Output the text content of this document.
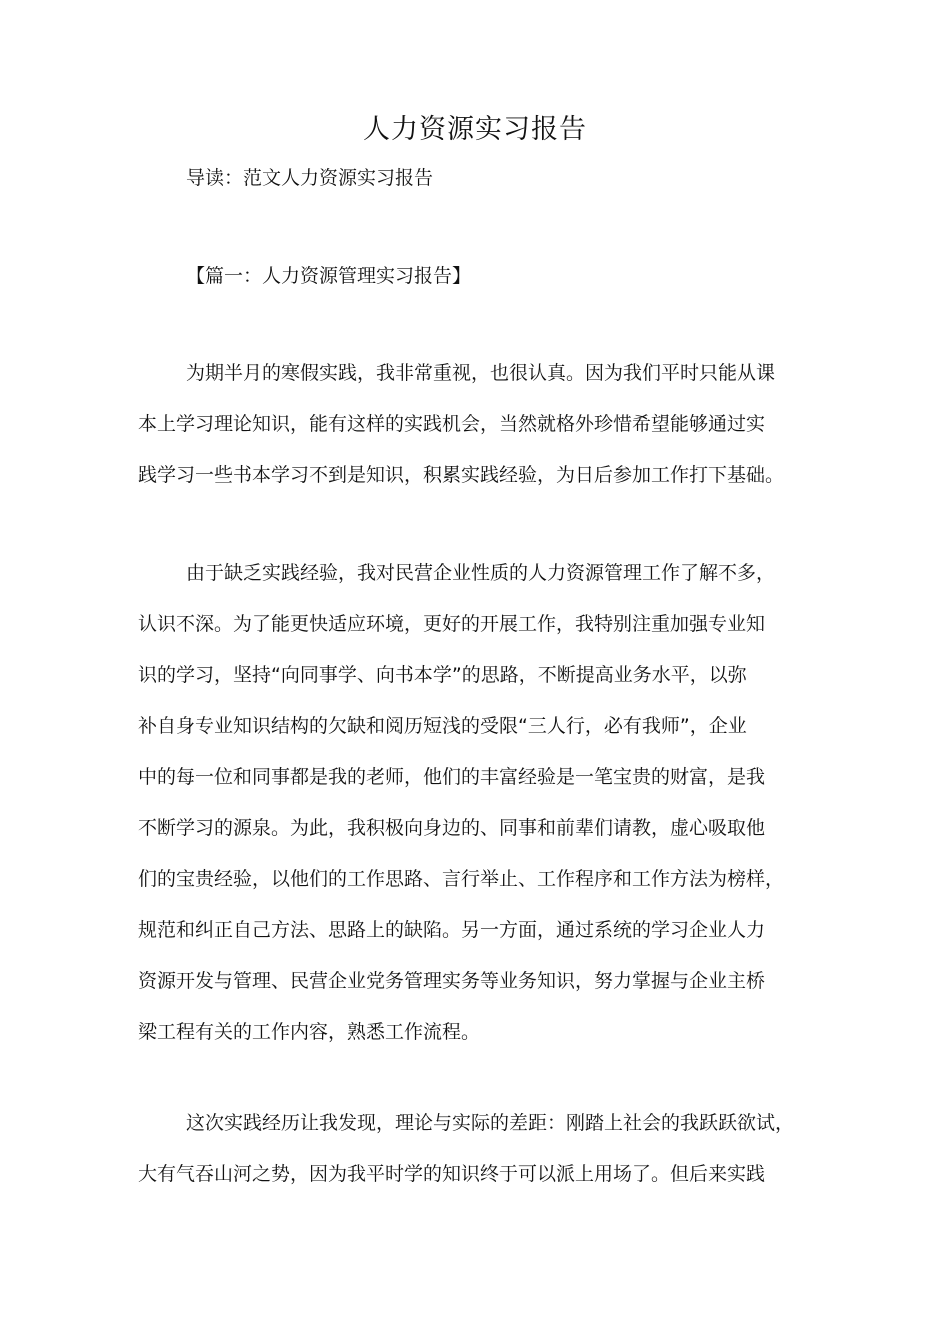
人力资源实习报告
导读：范文人力资源实习报告
【篇一：人力资源管理实习报告】
为期半月的寒假实践，我非常重视，也很认真。因为我们平时只能从课
本上学习理论知识，能有这样的实践机会，当然就格外珍惜希望能够通过实
践学习一些书本学习不到是知识，积累实践经验，为日后参加工作打下基础。
由于缺乏实践经验，我对民营企业性质的人力资源管理工作了解不多，
认识不深。为了能更快适应环境，更好的开展工作，我特别注重加强专业知
识的学习，坚持“向同事学、向书本学”的思路，不断提高业务水平，以弥
补自身专业知识结构的欠缺和阅历短浅的受限“三人行，必有我师”，企业
中的每一位和同事都是我的老师，他们的丰富经验是一笔宝贵的财富，是我
不断学习的源泉。为此，我积极向身边的、同事和前辈们请教，虚心吸取他
们的宝贵经验，以他们的工作思路、言行举止、工作程序和工作方法为榜样，
规范和纠正自己方法、思路上的缺陷。另一方面，通过系统的学习企业人力
资源开发与管理、民营企业党务管理实务等业务知识，努力掌握与企业主桥
梁工程有关的工作内容，熟悉工作流程。
这次实践经历让我发现，理论与实际的差距：刚踏上社会的我跃跃欲试，
大有气吞山河之势，因为我平时学的知识终于可以派上用场了。但后来实践
